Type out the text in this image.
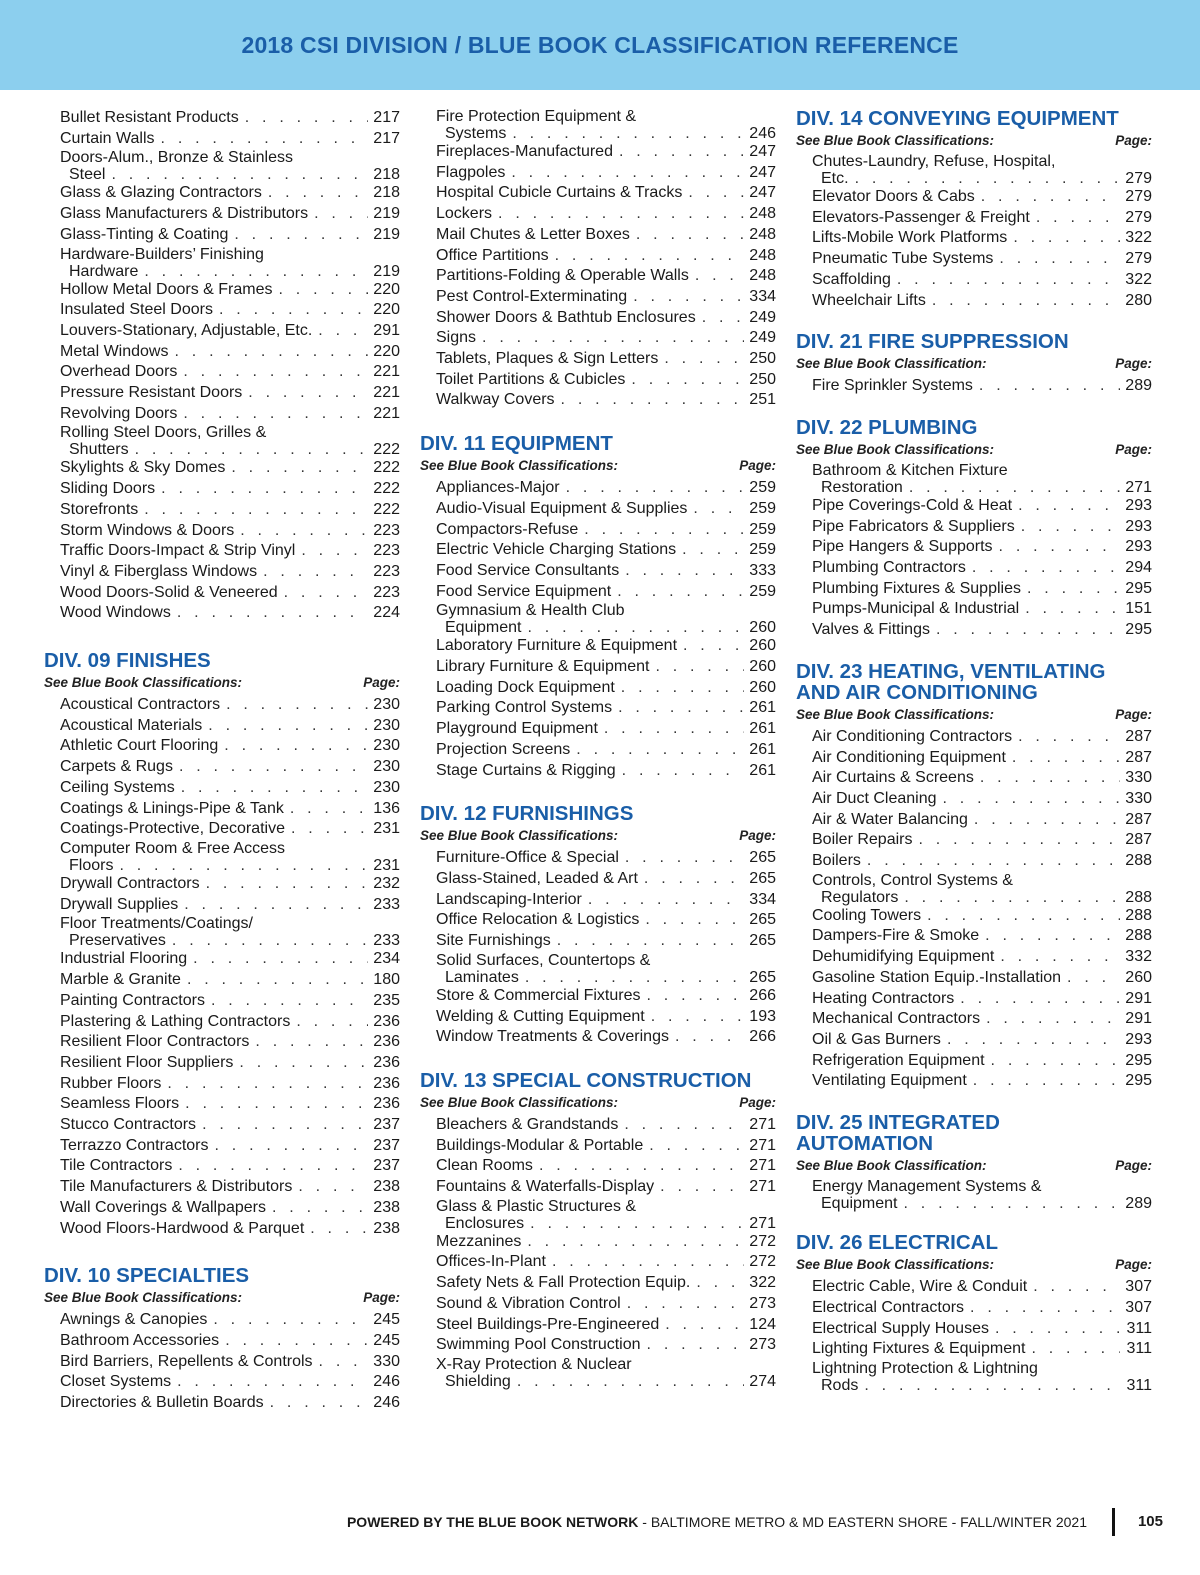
2018 CSI DIVISION / BLUE BOOK CLASSIFICATION REFERENCE
Bullet Resistant Products . . .	217
Curtain Walls . . .	217
Doors-Alum., Bronze & Stainless
Steel . . .	218
Glass & Glazing Contractors . . .	218
Glass Manufacturers & Distributors . . .	219
Glass-Tinting & Coating . . .	219
Hardware-Builders’ Finishing
Hardware . . .	219
Hollow Metal Doors & Frames . . .	220
Insulated Steel Doors . . .	220
Louvers-Stationary, Adjustable, Etc. . . .	291
Metal Windows . . .	220
Overhead Doors . . .	221
Pressure Resistant Doors . . .	221
Revolving Doors . . .	221
Rolling Steel Doors, Grilles &
Shutters . . .	222
Skylights & Sky Domes . . .	222
Sliding Doors . . .	222
Storefronts . . .	222
Storm Windows & Doors . . .	223
Traffic Doors-Impact & Strip Vinyl . . .	223
Vinyl & Fiberglass Windows . . .	223
Wood Doors-Solid & Veneered . . .	223
Wood Windows . . .	224
DIV. 09 FINISHES
See Blue Book Classifications:	Page:
Acoustical Contractors . . .	230
Acoustical Materials . . .	230
Athletic Court Flooring . . .	230
Carpets & Rugs . . .	230
Ceiling Systems . . .	230
Coatings & Linings-Pipe & Tank . . .	136
Coatings-Protective, Decorative . . .	231
Computer Room & Free Access
Floors . . .	231
Drywall Contractors . . .	232
Drywall Supplies . . .	233
Floor Treatments/Coatings/
Preservatives . . .	233
Industrial Flooring . . .	234
Marble & Granite . . .	180
Painting Contractors . . .	235
Plastering & Lathing Contractors . . .	236
Resilient Floor Contractors . . .	236
Resilient Floor Suppliers . . .	236
Rubber Floors . . .	236
Seamless Floors . . .	236
Stucco Contractors . . .	237
Terrazzo Contractors . . .	237
Tile Contractors . . .	237
Tile Manufacturers & Distributors . . .	238
Wall Coverings & Wallpapers . . .	238
Wood Floors-Hardwood & Parquet . . .	238
DIV. 10 SPECIALTIES
See Blue Book Classifications:	Page:
Awnings & Canopies . . .	245
Bathroom Accessories . . .	245
Bird Barriers, Repellents & Controls . . .	330
Closet Systems . . .	246
Directories & Bulletin Boards . . .	246
Fire Protection Equipment &
Systems . . .	246
Fireplaces-Manufactured . . .	247
Flagpoles . . .	247
Hospital Cubicle Curtains & Tracks . . .	247
Lockers . . .	248
Mail Chutes & Letter Boxes . . .	248
Office Partitions . . .	248
Partitions-Folding & Operable Walls . . .	248
Pest Control-Exterminating . . .	334
Shower Doors & Bathtub Enclosures . . .	249
Signs . . .	249
Tablets, Plaques & Sign Letters . . .	250
Toilet Partitions & Cubicles . . .	250
Walkway Covers . . .	251
DIV. 11 EQUIPMENT
See Blue Book Classifications:	Page:
Appliances-Major . . .	259
Audio-Visual Equipment & Supplies . . .	259
Compactors-Refuse . . .	259
Electric Vehicle Charging Stations . . .	259
Food Service Consultants . . .	333
Food Service Equipment . . .	259
Gymnasium & Health Club
Equipment . . .	260
Laboratory Furniture & Equipment . . .	260
Library Furniture & Equipment . . .	260
Loading Dock Equipment . . .	260
Parking Control Systems . . .	261
Playground Equipment . . .	261
Projection Screens . . .	261
Stage Curtains & Rigging . . .	261
DIV. 12 FURNISHINGS
See Blue Book Classifications:	Page:
Furniture-Office & Special . . .	265
Glass-Stained, Leaded & Art . . .	265
Landscaping-Interior . . .	334
Office Relocation & Logistics . . .	265
Site Furnishings . . .	265
Solid Surfaces, Countertops &
Laminates . . .	265
Store & Commercial Fixtures . . .	266
Welding & Cutting Equipment . . .	193
Window Treatments & Coverings . . .	266
DIV. 13 SPECIAL CONSTRUCTION
See Blue Book Classifications:	Page:
Bleachers & Grandstands . . .	271
Buildings-Modular & Portable . . .	271
Clean Rooms . . .	271
Fountains & Waterfalls-Display . . .	271
Glass & Plastic Structures &
Enclosures . . .	271
Mezzanines . . .	272
Offices-In-Plant . . .	272
Safety Nets & Fall Protection Equip. . . .	322
Sound & Vibration Control . . .	273
Steel Buildings-Pre-Engineered . . .	124
Swimming Pool Construction . . .	273
X-Ray Protection & Nuclear
Shielding . . .	274
DIV. 14 CONVEYING EQUIPMENT
See Blue Book Classifications:	Page:
Chutes-Laundry, Refuse, Hospital,
Etc. . . .	279
Elevator Doors & Cabs . . .	279
Elevators-Passenger & Freight . . .	279
Lifts-Mobile Work Platforms . . .	322
Pneumatic Tube Systems . . .	279
Scaffolding . . .	322
Wheelchair Lifts . . .	280
DIV. 21 FIRE SUPPRESSION
See Blue Book Classification:	Page:
Fire Sprinkler Systems . . .	289
DIV. 22 PLUMBING
See Blue Book Classifications:	Page:
Bathroom & Kitchen Fixture
Restoration . . .	271
Pipe Coverings-Cold & Heat . . .	293
Pipe Fabricators & Suppliers . . .	293
Pipe Hangers & Supports . . .	293
Plumbing Contractors . . .	294
Plumbing Fixtures & Supplies . . .	295
Pumps-Municipal & Industrial . . .	151
Valves & Fittings . . .	295
DIV. 23 HEATING, VENTILATING
AND AIR CONDITIONING
See Blue Book Classifications:	Page:
Air Conditioning Contractors . . .	287
Air Conditioning Equipment . . .	287
Air Curtains & Screens . . .	330
Air Duct Cleaning . . .	330
Air & Water Balancing . . .	287
Boiler Repairs . . .	287
Boilers . . .	288
Controls, Control Systems &
Regulators . . .	288
Cooling Towers . . .	288
Dampers-Fire & Smoke . . .	288
Dehumidifying Equipment . . .	332
Gasoline Station Equip.-Installation . . .	260
Heating Contractors . . .	291
Mechanical Contractors . . .	291
Oil & Gas Burners . . .	293
Refrigeration Equipment . . .	295
Ventilating Equipment . . .	295
DIV. 25 INTEGRATED
AUTOMATION
See Blue Book Classification:	Page:
Energy Management Systems &
Equipment . . .	289
DIV. 26 ELECTRICAL
See Blue Book Classifications:	Page:
Electric Cable, Wire & Conduit . . .	307
Electrical Contractors . . .	307
Electrical Supply Houses . . .	311
Lighting Fixtures & Equipment . . .	311
Lightning Protection & Lightning
Rods . . .	311
POWERED BY THE BLUE BOOK NETWORK - BALTIMORE METRO & MD EASTERN SHORE - FALL/WINTER 2021	105
